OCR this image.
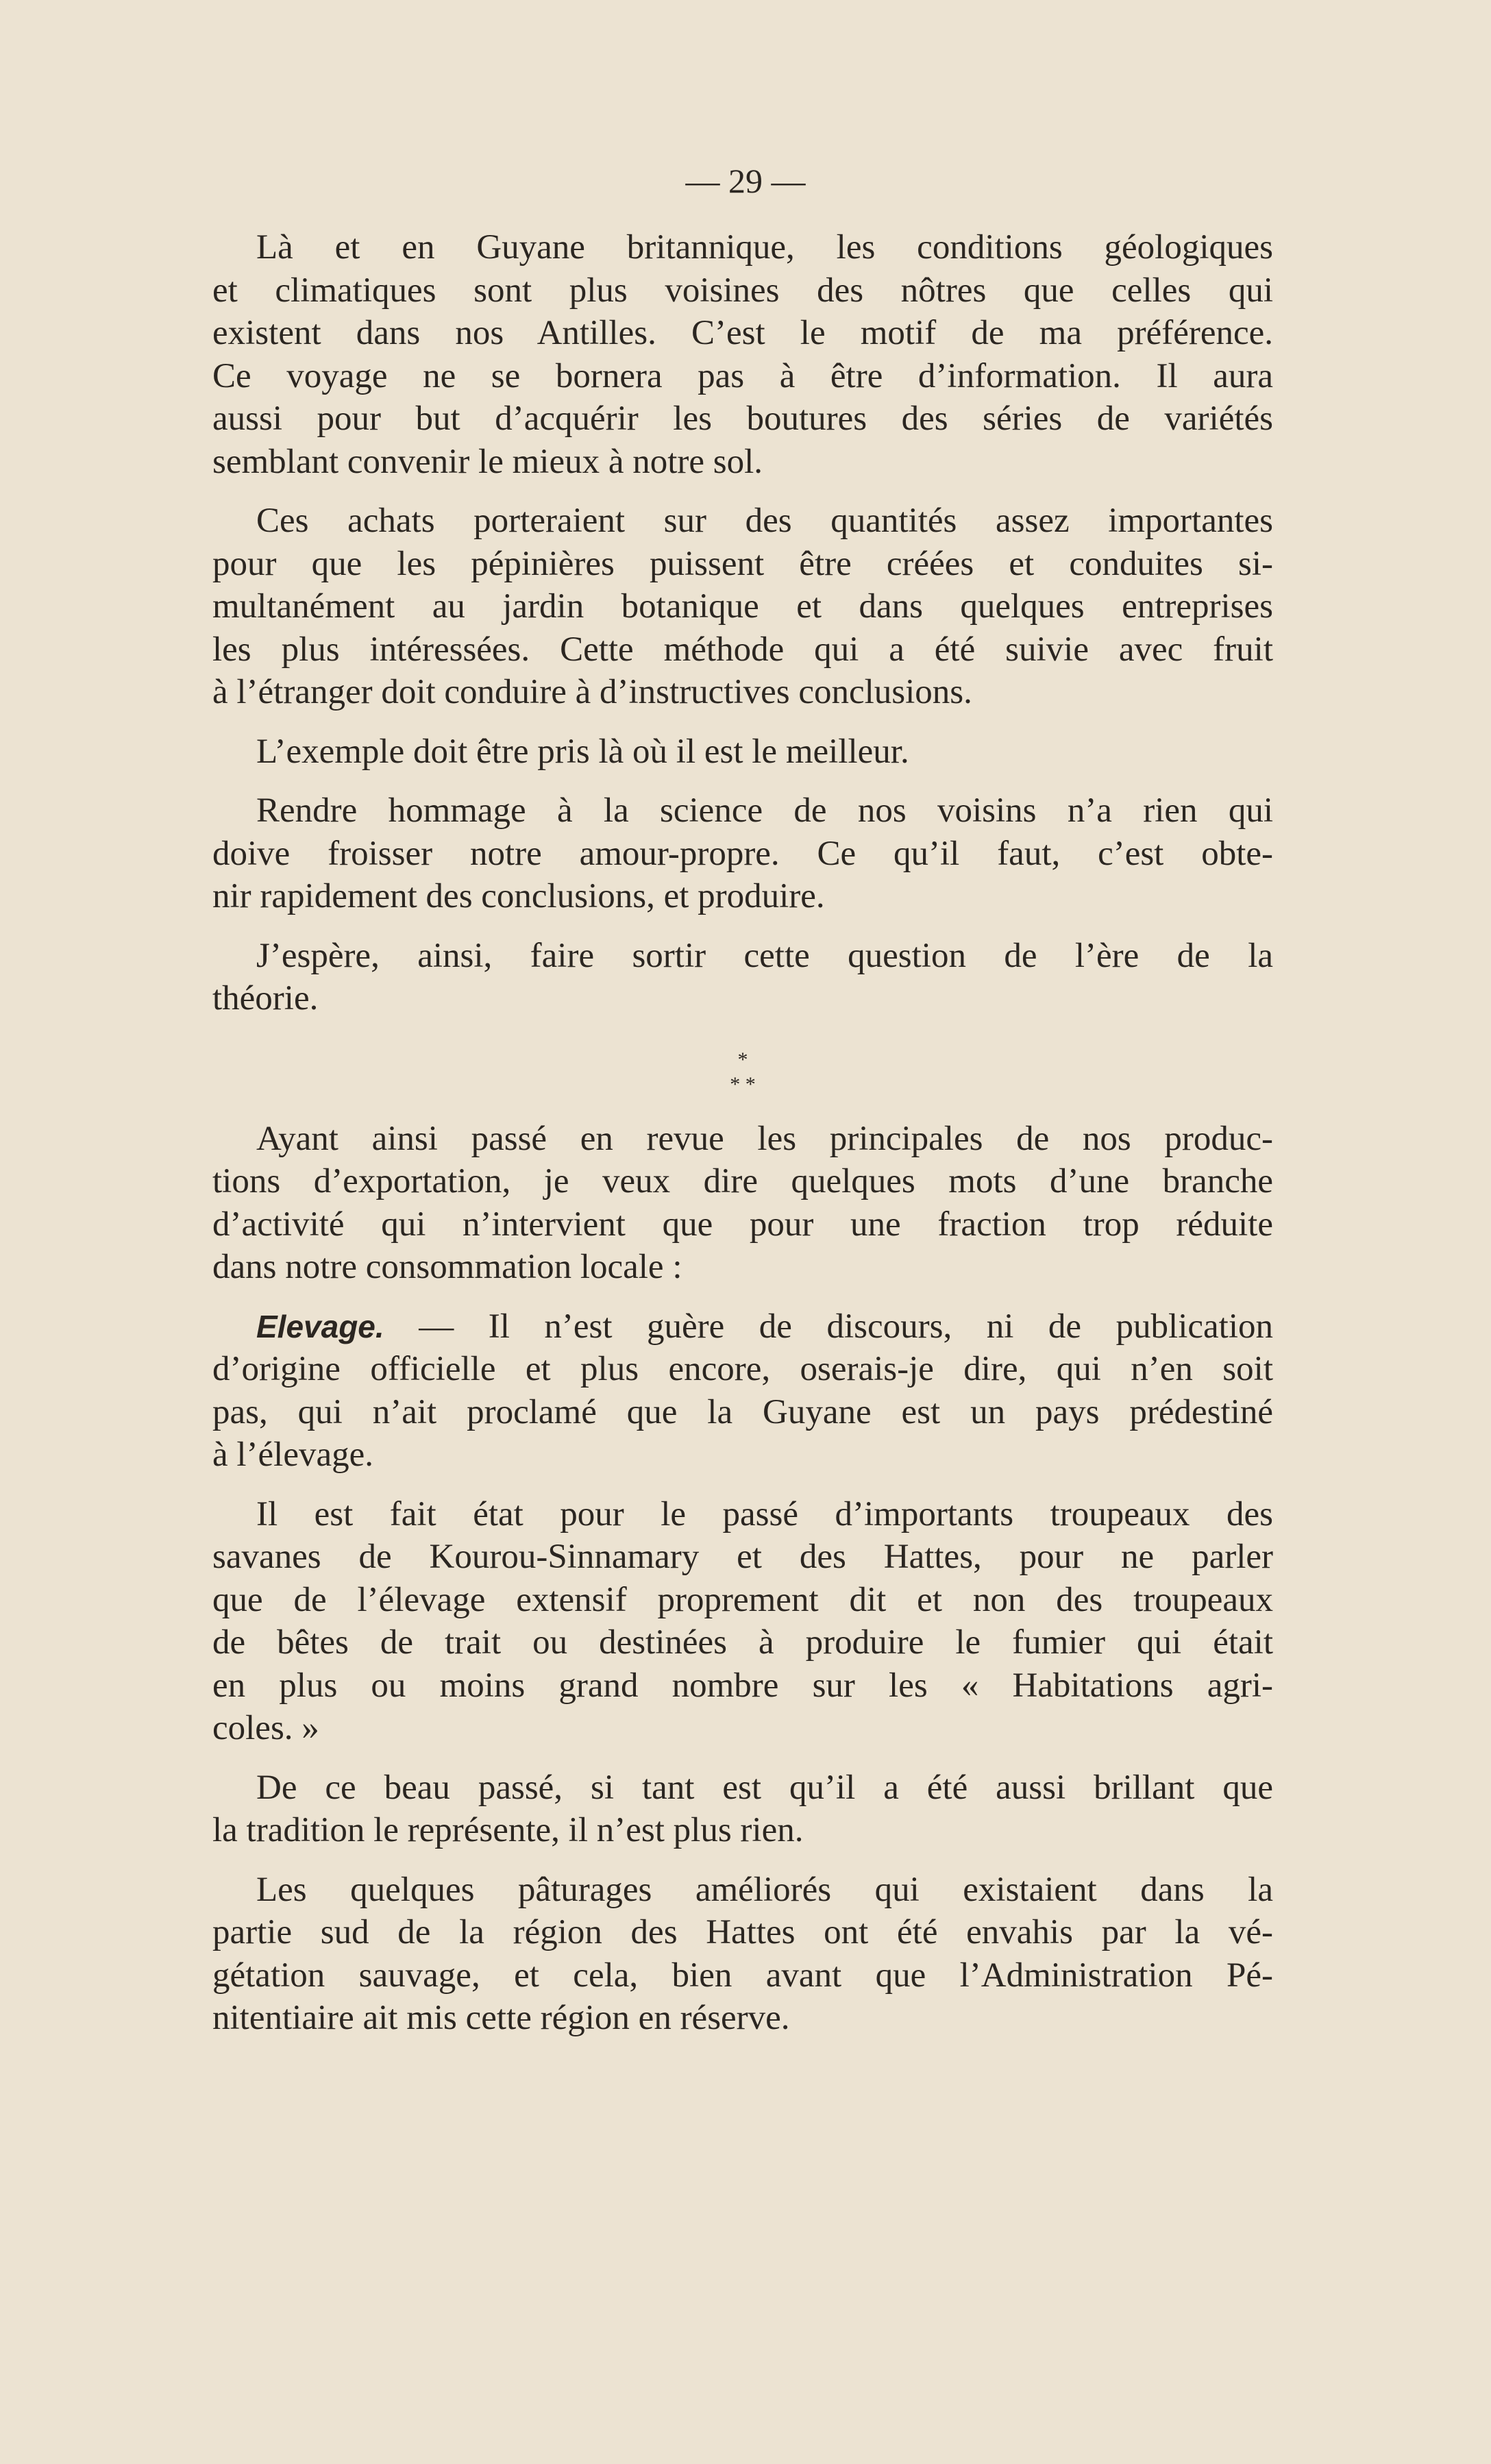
— 29 —
Là et en Guyane britannique, les conditions géologiques
et climatiques sont plus voisines des nôtres que celles qui
existent dans nos Antilles. C’est le motif de ma préférence.
Ce voyage ne se bornera pas à être d’information. Il aura
aussi pour but d’acquérir les boutures des séries de variétés
semblant convenir le mieux à notre sol.
Ces achats porteraient sur des quantités assez importantes
pour que les pépinières puissent être créées et conduites si-
multanément au jardin botanique et dans quelques entreprises
les plus intéressées. Cette méthode qui a été suivie avec fruit
à l’étranger doit conduire à d’instructives conclusions.
L’exemple doit être pris là où il est le meilleur.
Rendre hommage à la science de nos voisins n’a rien qui
doive froisser notre amour-propre. Ce qu’il faut, c’est obte-
nir rapidement des conclusions, et produire.
J’espère, ainsi, faire sortir cette question de l’ère de la
théorie.
*
* *
Ayant ainsi passé en revue les principales de nos produc-
tions d’exportation, je veux dire quelques mots d’une branche
d’activité qui n’intervient que pour une fraction trop réduite
dans notre consommation locale :
Elevage. — Il n’est guère de discours, ni de publication
d’origine officielle et plus encore, oserais-je dire, qui n’en soit
pas, qui n’ait proclamé que la Guyane est un pays prédestiné
à l’élevage.
Il est fait état pour le passé d’importants troupeaux des
savanes de Kourou-Sinnamary et des Hattes, pour ne parler
que de l’élevage extensif proprement dit et non des troupeaux
de bêtes de trait ou destinées à produire le fumier qui était
en plus ou moins grand nombre sur les « Habitations agri-
coles. »
De ce beau passé, si tant est qu’il a été aussi brillant que
la tradition le représente, il n’est plus rien.
Les quelques pâturages améliorés qui existaient dans la
partie sud de la région des Hattes ont été envahis par la vé-
gétation sauvage, et cela, bien avant que l’Administration Pé-
nitentiaire ait mis cette région en réserve.
